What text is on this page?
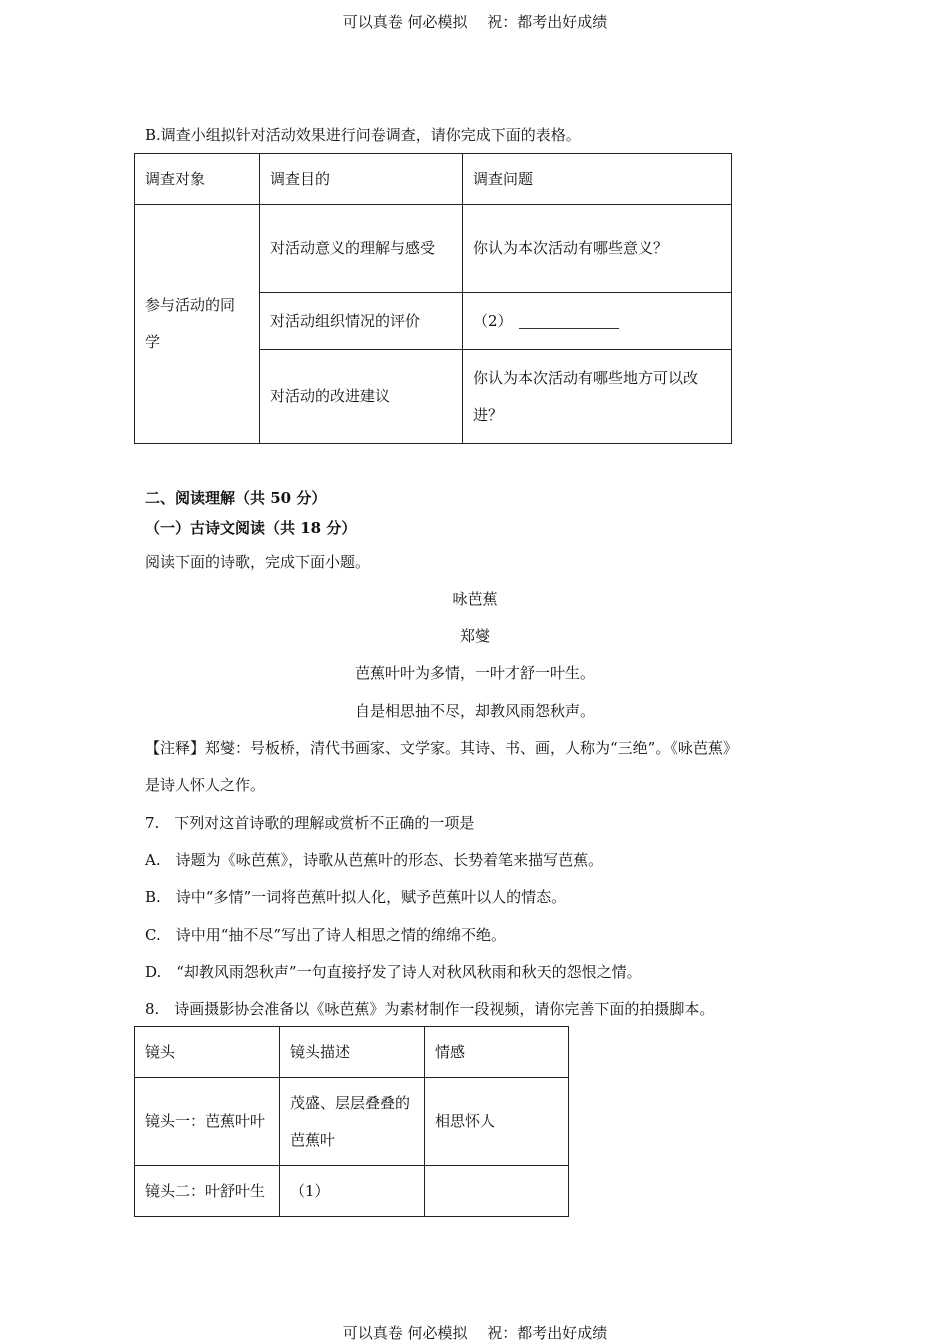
可以真卷 何必模拟　 祝：都考出好成绩
B.调查小组拟针对活动效果进行问卷调查，请你完成下面的表格。
调查对象	调查目的	调查问题
参与活动的同学	对活动意义的理解与感受	你认为本次活动有哪些意义？
	对活动组织情况的评价	（2）
	对活动的改进建议	你认为本次活动有哪些地方可以改进？
二、阅读理解（共 50 分）
（一）古诗文阅读（共 18 分）
阅读下面的诗歌，完成下面小题。
咏芭蕉
郑燮
芭蕉叶叶为多情，一叶才舒一叶生。
自是相思抽不尽，却教风雨怨秋声。
【注释】郑燮：号板桥，清代书画家、文学家。其诗、书、画，人称为“三绝”。《咏芭蕉》
是诗人怀人之作。
7.　下列对这首诗歌的理解或赏析不正确的一项是
A.　诗题为《咏芭蕉》，诗歌从芭蕉叶的形态、长势着笔来描写芭蕉。
B.　诗中“多情”一词将芭蕉叶拟人化，赋予芭蕉叶以人的情态。
C.　诗中用“抽不尽”写出了诗人相思之情的绵绵不绝。
D.　“却教风雨怨秋声”一句直接抒发了诗人对秋风秋雨和秋天的怨恨之情。
8.　诗画摄影协会准备以《咏芭蕉》为素材制作一段视频，请你完善下面的拍摄脚本。
镜头	镜头描述	情感
镜头一：芭蕉叶叶	茂盛、层层叠叠的芭蕉叶	相思怀人
镜头二：叶舒叶生	（1）	
可以真卷 何必模拟　 祝：都考出好成绩
